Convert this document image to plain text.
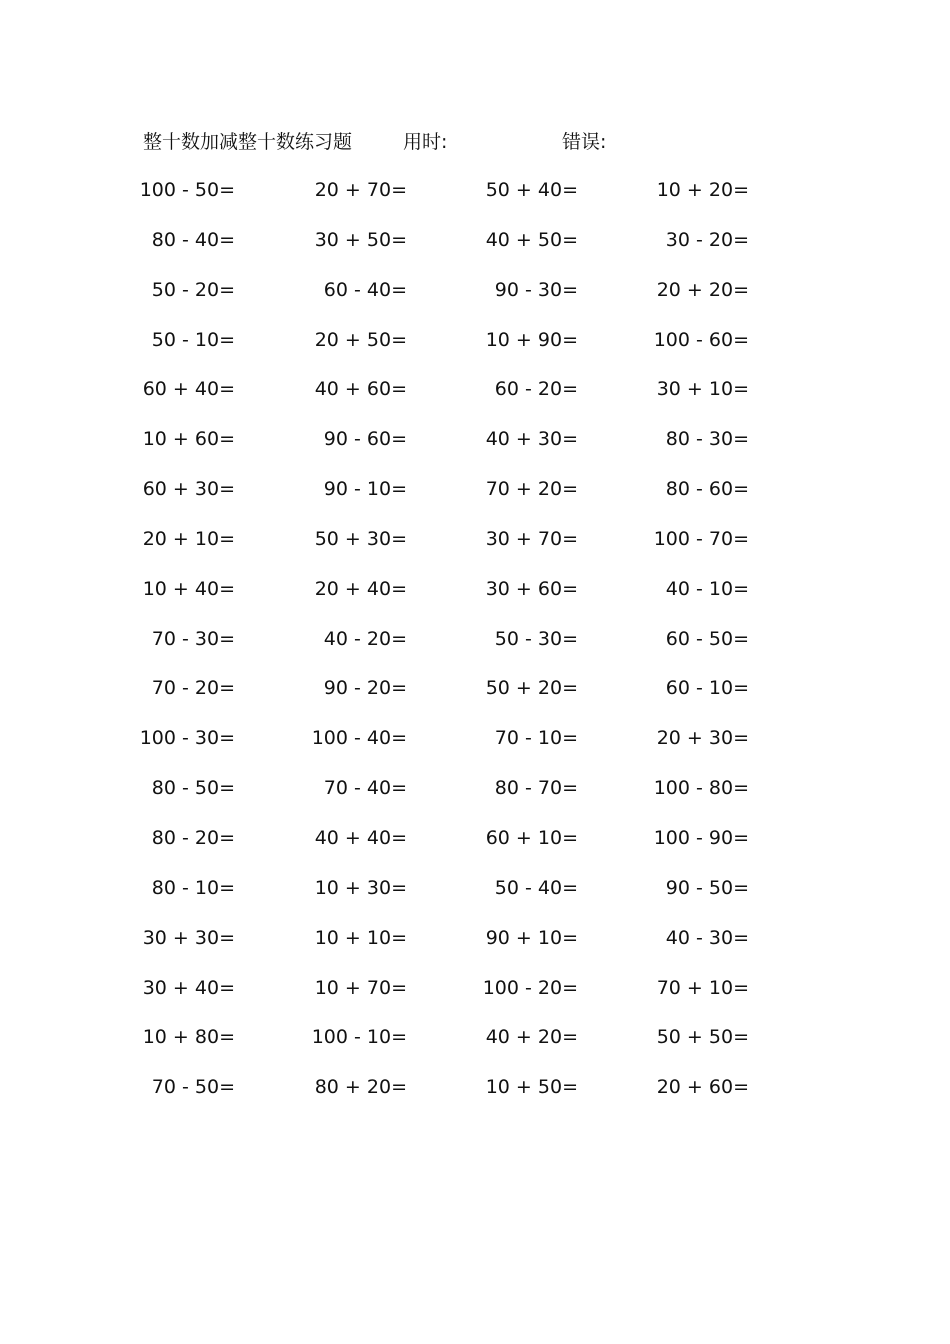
整十数加减整十数练习题	用时:	错误:
100 - 50=	20 + 70=	50 + 40=	10 + 20=
80 - 40=	30 + 50=	40 + 50=	30 - 20=
50 - 20=	60 - 40=	90 - 30=	20 + 20=
50 - 10=	20 + 50=	10 + 90=	100 - 60=
60 + 40=	40 + 60=	60 - 20=	30 + 10=
10 + 60=	90 - 60=	40 + 30=	80 - 30=
60 + 30=	90 - 10=	70 + 20=	80 - 60=
20 + 10=	50 + 30=	30 + 70=	100 - 70=
10 + 40=	20 + 40=	30 + 60=	40 - 10=
70 - 30=	40 - 20=	50 - 30=	60 - 50=
70 - 20=	90 - 20=	50 + 20=	60 - 10=
100 - 30=	100 - 40=	70 - 10=	20 + 30=
80 - 50=	70 - 40=	80 - 70=	100 - 80=
80 - 20=	40 + 40=	60 + 10=	100 - 90=
80 - 10=	10 + 30=	50 - 40=	90 - 50=
30 + 30=	10 + 10=	90 + 10=	40 - 30=
30 + 40=	10 + 70=	100 - 20=	70 + 10=
10 + 80=	100 - 10=	40 + 20=	50 + 50=
70 - 50=	80 + 20=	10 + 50=	20 + 60=
